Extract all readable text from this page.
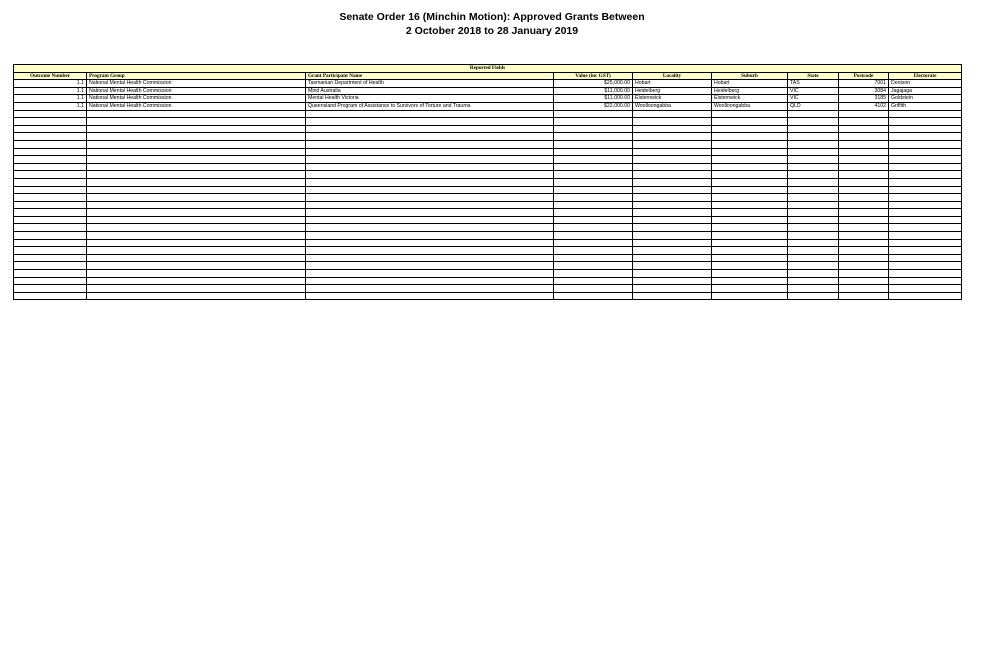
Senate Order 16 (Minchin Motion): Approved Grants Between
2 October 2018 to 28 January 2019
Reported Fields								
Outcome Number	Program Group	Grant Participant Name	Value (inc GST)	Locality	Suburb	State	Postcode	Electorate
1.1	National Mental Health Commission	Tasmanian Department of Health	$25,000.00	Hobart	Hobart	TAS	7001	Denison
1.1	National Mental Health Commission	Mind Australia	$11,000.00	Heidelberg	Heidelberg	VIC	3084	Jagajaga
1.1	National Mental Health Commission	Mental Health Victoria	$11,000.00	Elsternwick	Elsternwick	VIC	3185	Goldstein
1.1	National Mental Health Commission	Queensland Program of Assistance to Survivors of Torture and Trauma	$22,000.00	Woolloongabba	Woolloongabba	QLD	4102	Griffith
